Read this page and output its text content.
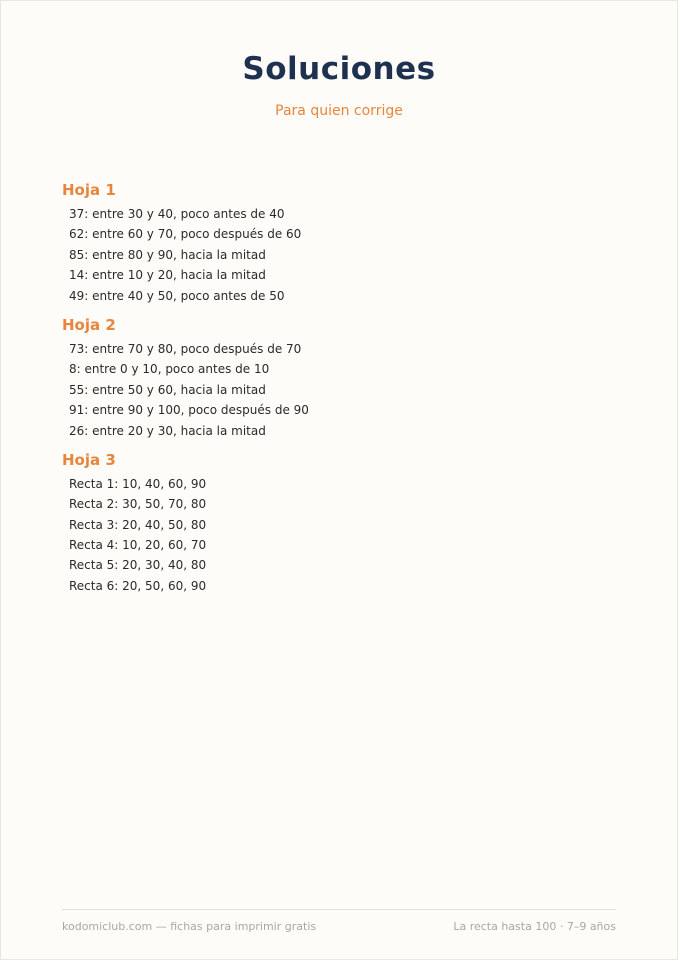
Soluciones
Para quien corrige
Hoja 1
37: entre 30 y 40, poco antes de 40
62: entre 60 y 70, poco después de 60
85: entre 80 y 90, hacia la mitad
14: entre 10 y 20, hacia la mitad
49: entre 40 y 50, poco antes de 50
Hoja 2
73: entre 70 y 80, poco después de 70
8: entre 0 y 10, poco antes de 10
55: entre 50 y 60, hacia la mitad
91: entre 90 y 100, poco después de 90
26: entre 20 y 30, hacia la mitad
Hoja 3
Recta 1: 10, 40, 60, 90
Recta 2: 30, 50, 70, 80
Recta 3: 20, 40, 50, 80
Recta 4: 10, 20, 60, 70
Recta 5: 20, 30, 40, 80
Recta 6: 20, 50, 60, 90
kodomiclub.com — fichas para imprimir gratis	La recta hasta 100 · 7–9 años
